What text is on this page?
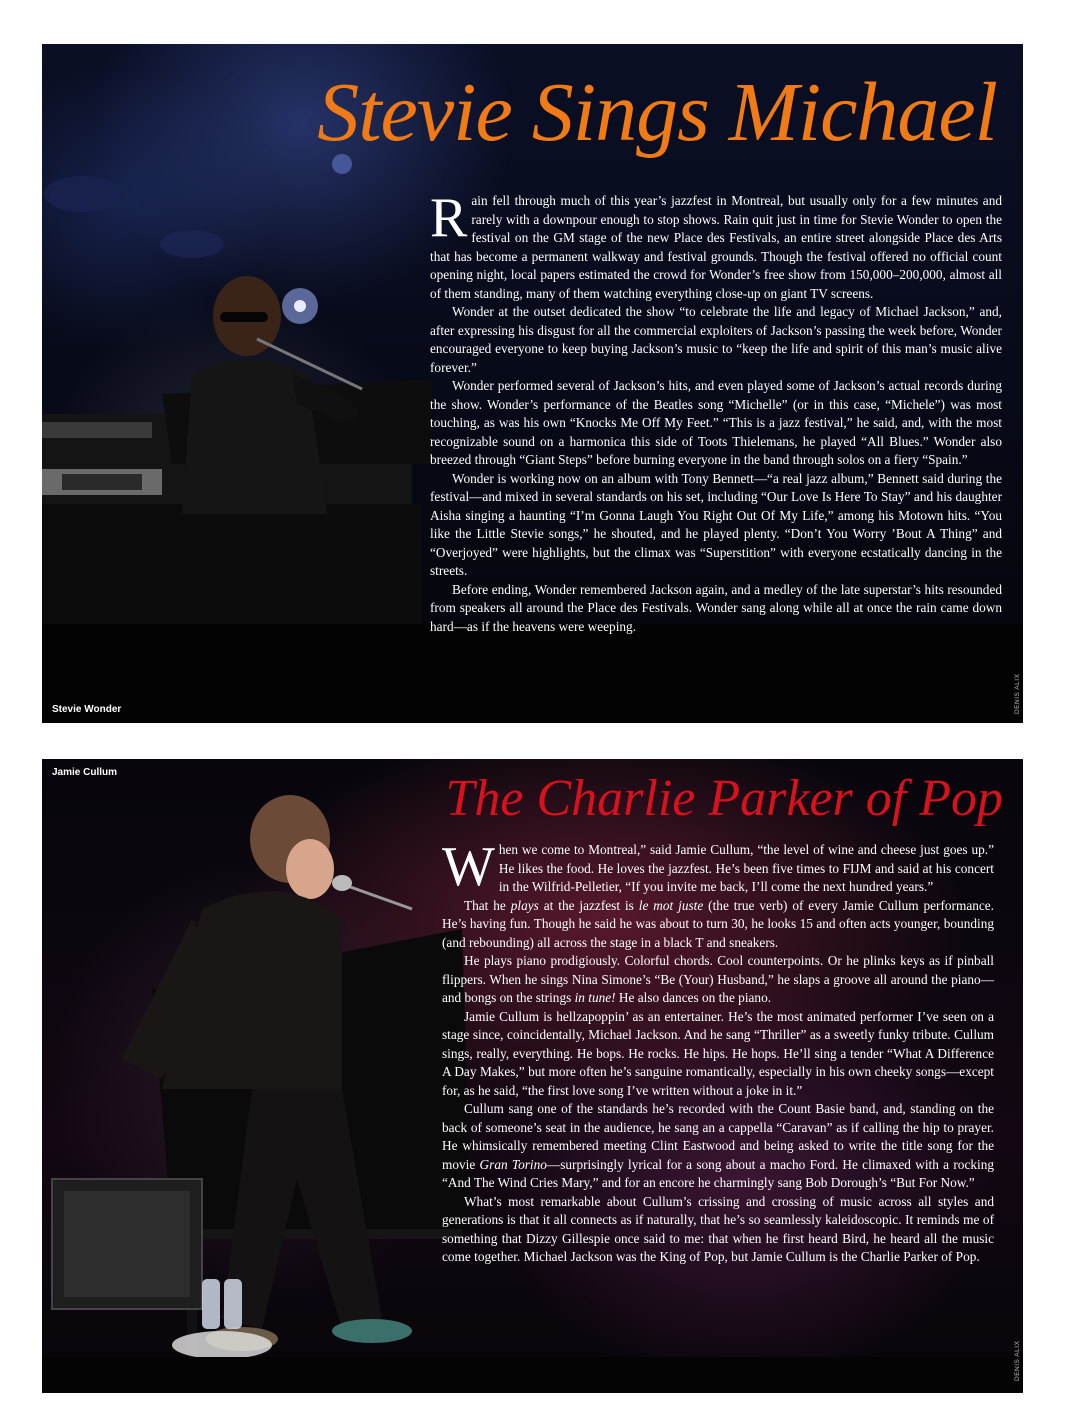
Stevie Sings Michael

Rain fell through much of this year’s jazzfest in Montreal, but usually only for a few minutes and rarely with a downpour enough to stop shows. Rain quit just in time for Stevie Wonder to open the festival on the GM stage of the new Place des Festivals, an entire street alongside Place des Arts that has become a permanent walkway and festival grounds. Though the festival offered no official count opening night, local papers estimated the crowd for Wonder’s free show from 150,000–200,000, almost all of them standing, many of them watching everything close-up on giant TV screens.

Wonder at the outset dedicated the show “to celebrate the life and legacy of Michael Jackson,” and, after expressing his disgust for all the commercial exploiters of Jackson’s passing the week before, Wonder encouraged everyone to keep buying Jackson’s music to “keep the life and spirit of this man’s music alive forever.”

Wonder performed several of Jackson’s hits, and even played some of Jackson’s actual records during the show. Wonder’s performance of the Beatles song “Michelle” (or in this case, “Michele”) was most touching, as was his own “Knocks Me Off My Feet.” “This is a jazz festival,” he said, and, with the most recognizable sound on a harmonica this side of Toots Thielemans, he played “All Blues.” Wonder also breezed through “Giant Steps” before burning everyone in the band through solos on a fiery “Spain.”

Wonder is working now on an album with Tony Bennett—“a real jazz album,” Bennett said during the festival—and mixed in several standards on his set, including “Our Love Is Here To Stay” and his daughter Aisha singing a haunting “I’m Gonna Laugh You Right Out Of My Life,” among his Motown hits. “You like the Little Stevie songs,” he shouted, and he played plenty. “Don’t You Worry ’Bout A Thing” and “Overjoyed” were highlights, but the climax was “Superstition” with everyone ecstatically dancing in the streets.

Before ending, Wonder remembered Jackson again, and a medley of the late superstar’s hits resounded from speakers all around the Place des Festivals. Wonder sang along while all at once the rain came down hard—as if the heavens were weeping.

Stevie Wonder	DENIS ALIX
The Charlie Parker of Pop

When we come to Montreal,” said Jamie Cullum, “the level of wine and cheese just goes up.” He likes the food. He loves the jazzfest. He’s been five times to FIJM and said at his concert in the Wilfrid-Pelletier, “If you invite me back, I’ll come the next hundred years.”

That he plays at the jazzfest is le mot juste (the true verb) of every Jamie Cullum performance. He’s having fun. Though he said he was about to turn 30, he looks 15 and often acts younger, bounding (and rebounding) all across the stage in a black T and sneakers.

He plays piano prodigiously. Colorful chords. Cool counterpoints. Or he plinks keys as if pinball flippers. When he sings Nina Simone’s “Be (Your) Husband,” he slaps a groove all around the piano—and bongs on the strings in tune! He also dances on the piano.

Jamie Cullum is hellzapoppin’ as an entertainer. He’s the most animated performer I’ve seen on a stage since, coincidentally, Michael Jackson. And he sang “Thriller” as a sweetly funky tribute. Cullum sings, really, everything. He bops. He rocks. He hips. He hops. He’ll sing a tender “What A Difference A Day Makes,” but more often he’s sanguine romantically, especially in his own cheeky songs—except for, as he said, “the first love song I’ve written without a joke in it.”

Cullum sang one of the standards he’s recorded with the Count Basie band, and, standing on the back of someone’s seat in the audience, he sang an a cappella “Caravan” as if calling the hip to prayer. He whimsically remembered meeting Clint Eastwood and being asked to write the title song for the movie Gran Torino—surprisingly lyrical for a song about a macho Ford. He climaxed with a rocking “And The Wind Cries Mary,” and for an encore he charmingly sang Bob Dorough’s “But For Now.”

What’s most remarkable about Cullum’s crissing and crossing of music across all styles and generations is that it all connects as if naturally, that he’s so seamlessly kaleidoscopic. It reminds me of something that Dizzy Gillespie once said to me: that when he first heard Bird, he heard all the music come together. Michael Jackson was the King of Pop, but Jamie Cullum is the Charlie Parker of Pop.

Jamie Cullum
DENIS ALIX
